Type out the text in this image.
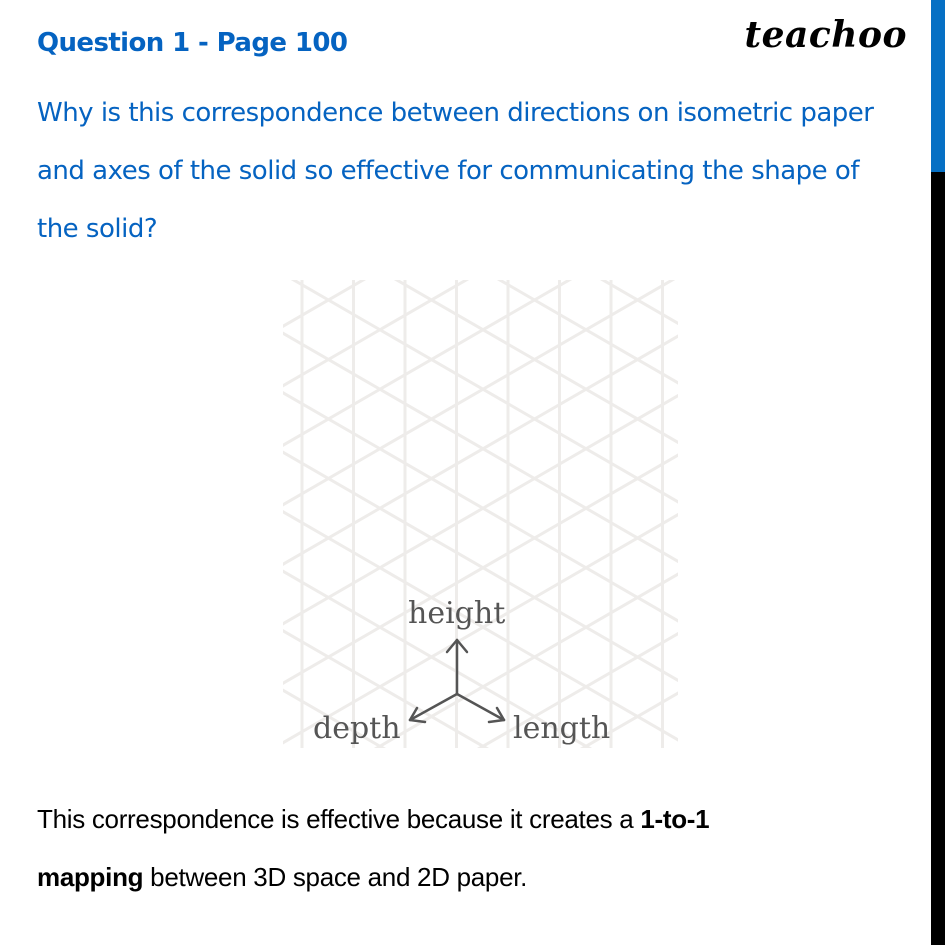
Question 1 - Page 100	teachoo
Why is this correspondence between directions on isometric paper
and axes of the solid so effective for communicating the shape of
the solid?
height
depth	length
This correspondence is effective because it creates a 1-to-1
mapping between 3D space and 2D paper.
